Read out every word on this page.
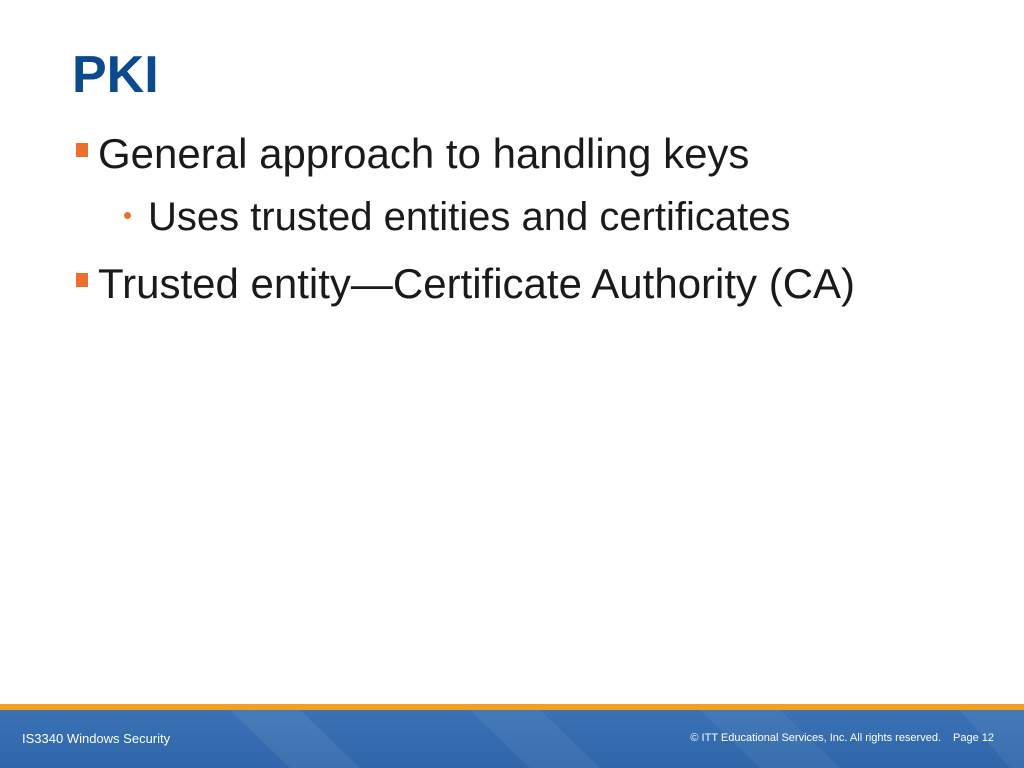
PKI
General approach to handling keys
Uses trusted entities and certificates
Trusted entity—Certificate Authority (CA)
IS3340 Windows Security	© ITT Educational Services, Inc. All rights reserved. Page 12
